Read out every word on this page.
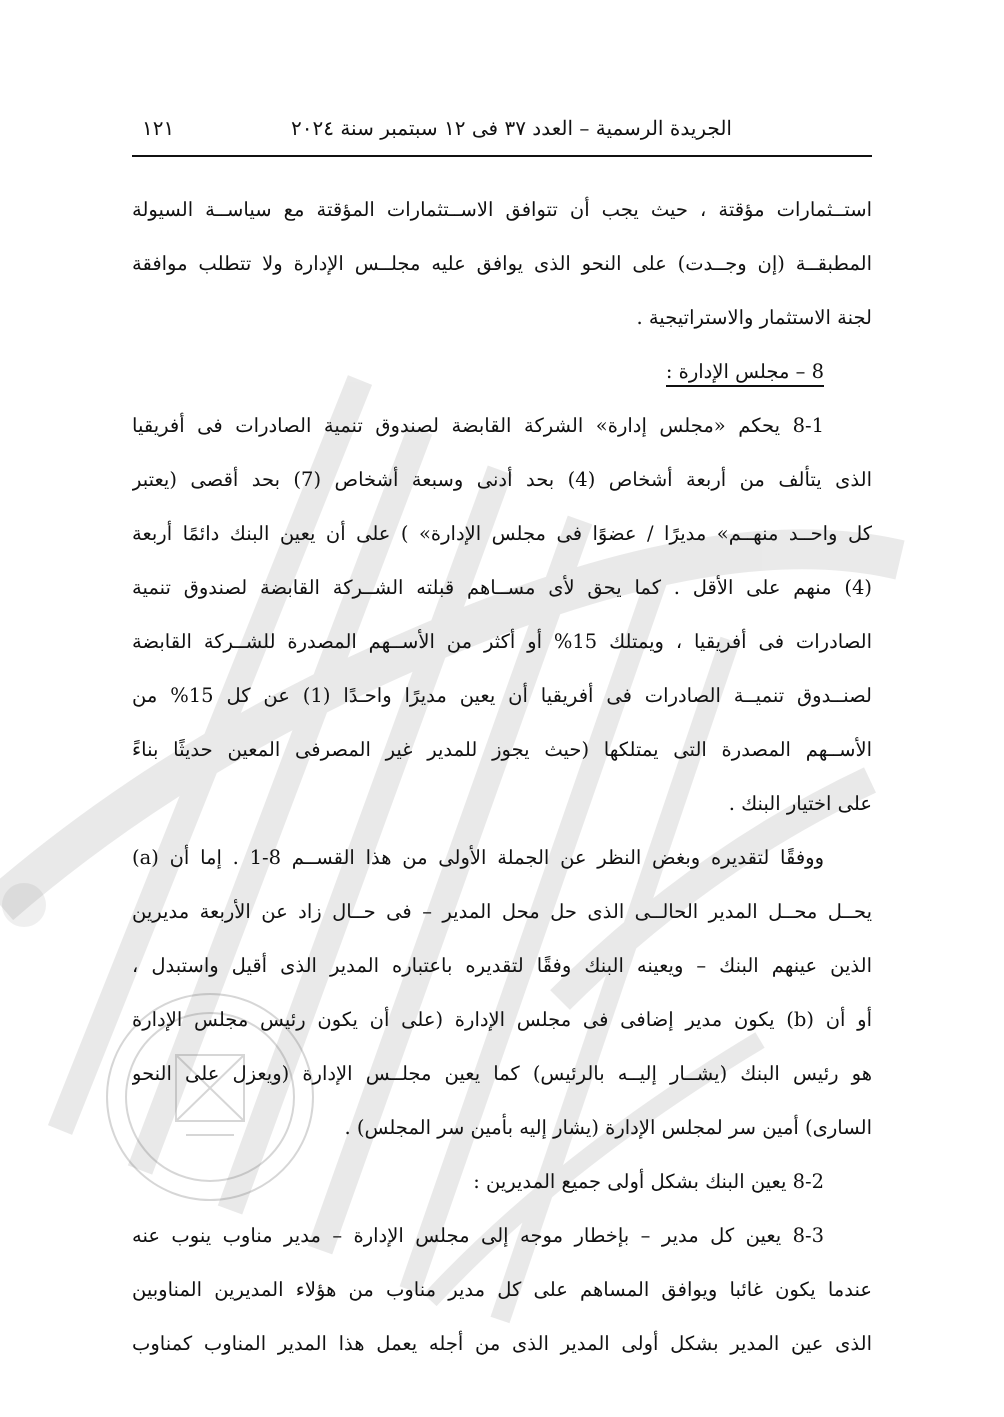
الجريدة الرسمية – العدد ٣٧ فى ١٢ سبتمبر سنة ٢٠٢٤
١٢١
استــثمارات مؤقتة ، حيث يجب أن تتوافق الاســتثمارات المؤقتة مع سياســة السيولة
المطبقــة (إن وجــدت) على النحو الذى يوافق عليه مجلــس الإدارة ولا تتطلب موافقة
لجنة الاستثمار والاستراتيجية .
8 – مجلس الإدارة :
8-1 يحكم «مجلس إدارة» الشركة القابضة لصندوق تنمية الصادرات فى أفريقيا
الذى يتألف من أربعة أشخاص (4) بحد أدنى وسبعة أشخاص (7) بحد أقصى (يعتبر
كل واحــد منهــم» مديرًا / عضوًا فى مجلس الإدارة» ) على أن يعين البنك دائمًا أربعة
(4) منهم على الأقل . كما يحق لأى مســاهم قبلته الشــركة القابضة لصندوق تنمية
الصادرات فى أفريقيا ، ويمتلك 15% أو أكثر من الأســهم المصدرة للشــركة القابضة
لصنــدوق تنميــة الصادرات فى أفريقيا أن يعين مديرًا واحـدًا (1) عن كل 15% من
الأســهم المصدرة التى يمتلكها (حيث يجوز للمدير غير المصرفى المعين حديثًا بناءً
على اختيار البنك .
ووفقًا لتقديره وبغض النظر عن الجملة الأولى من هذا القســم 8-1 . إما أن (a)
يحــل محــل المدير الحالــى الذى حل محل المدير – فى حــال زاد عن الأربعة مديرين
الذين عينهم البنك – ويعينه البنك وفقًا لتقديره باعتباره المدير الذى أقيل واستبدل ،
أو أن (b) يكون مدير إضافى فى مجلس الإدارة (على أن يكون رئيس مجلس الإدارة
هو رئيس البنك (يشــار إليــه بالرئيس) كما يعين مجلــس الإدارة (ويعزل على النحو
السارى) أمين سر لمجلس الإدارة (يشار إليه بأمين سر المجلس) .
8-2 يعين البنك بشكل أولى جميع المديرين :
8-3 يعين كل مدير – بإخطار موجه إلى مجلس الإدارة – مدير مناوب ينوب عنه
عندما يكون غائبا ويوافق المساهم على كل مدير مناوب من هؤلاء المديرين المناوبين
الذى عين المدير بشكل أولى المدير الذى من أجله يعمل هذا المدير المناوب كمناوب
